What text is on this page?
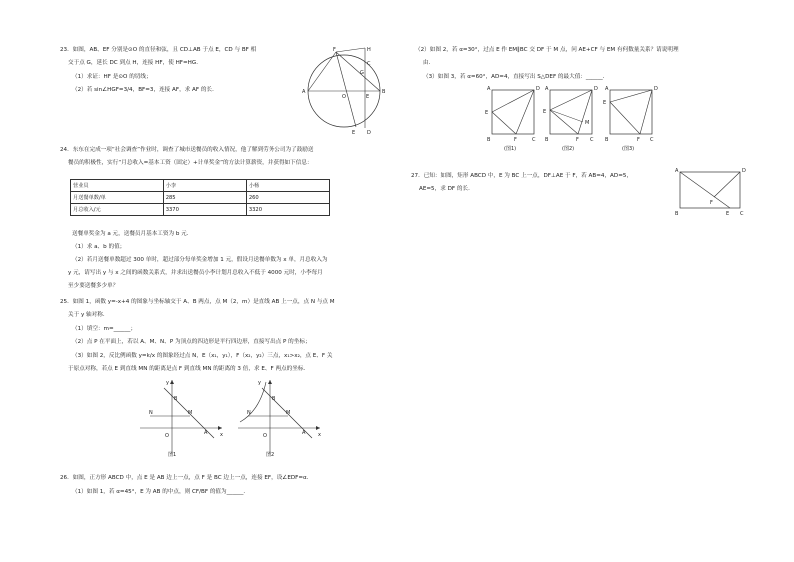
23．如图，AB、EF 分别是⊙O 的直径和弦，且 CD⊥AB 于点 E，CD 与 BF 相
交于点 G，延长 DC 到点 H，连接 HF，使 HF=HG．
（1）求证：HF 是⊙O 的切线；
（2）若 sin∠HGF=3/4，BF=3，连接 AF，求 AF 的长．
F	H
C
G
A
O	E
B
E D
24．东东在完成一项“社会调查”作业时，调查了城市送餐员的收入情况，他了解到劳务公司为了鼓励送
餐员的积极性，实行“月总收入=基本工资（固定）+计单奖金”的方法计算薪资，并获得如下信息：
营业员	小李	小杨
月送餐单数/单	285	260
月总收入/元	3370	3320
送餐单奖金为 a 元，送餐员月基本工资为 b 元．
（1）求 a、b 的值；
（2）若月送餐单数超过 300 单时，超过部分每单奖金增加 1 元，假设月送餐单数为 x 单，月总收入为
y 元，请写出 y 与 x 之间的函数关系式，并求出送餐员小李计划月总收入不低于 4000 元时，小李每月
至少要送餐多少单？
25．如图 1，函数 y=-x+4 的图象与坐标轴交于 A、B 两点，点 M（2，m）是直线 AB 上一点，点 N 与点 M
关于 y 轴对称．
（1）填空：m=______；
（2）点 P 在平面上，若以 A、M、N、P 为顶点的四边形是平行四边形，直接写出点 P 的坐标；
（3）如图 2，反比例函数 y=k/x 的图象经过点 N，E（x₁，y₁），F（x₂，y₂）三点，x₁>x₂，点 E、F 关
于原点对称，若点 E 到直线 MN 的距离是点 F 到直线 MN 的距离的 3 倍，求 E、F 两点的坐标．
y
x
B
N	M
O	A
图1
y
x
B
N	M
O	A
图2
26．如图，正方形 ABCD 中，点 E 是 AB 边上一点，点 F 是 BC 边上一点，连接 EF，设∠EDF=α．
（1）如图 1，若 α=45°，E 为 AB 的中点，则 CF/BF 的值为______．
（2）如图 2，若 α=30°，过点 E 作 EM∥BC 交 DF 于 M 点，问 AE+CF 与 EM 有何数量关系？请说明理
由．
（3）如图 3，若 α=60°，AD=4，直接写出 S△DEF 的最大值：______．
A	D
E
B	F	C
(图1)
A	D
E
M
B	F C
(图2)
A	D
E
B	F C
(图3)
27．已知：如图，矩形 ABCD 中，E 为 BC 上一点，DF⊥AE 于 F，若 AB=4，AD=5，
AE=5，求 DF 的长．
A	D
B	E C
F
